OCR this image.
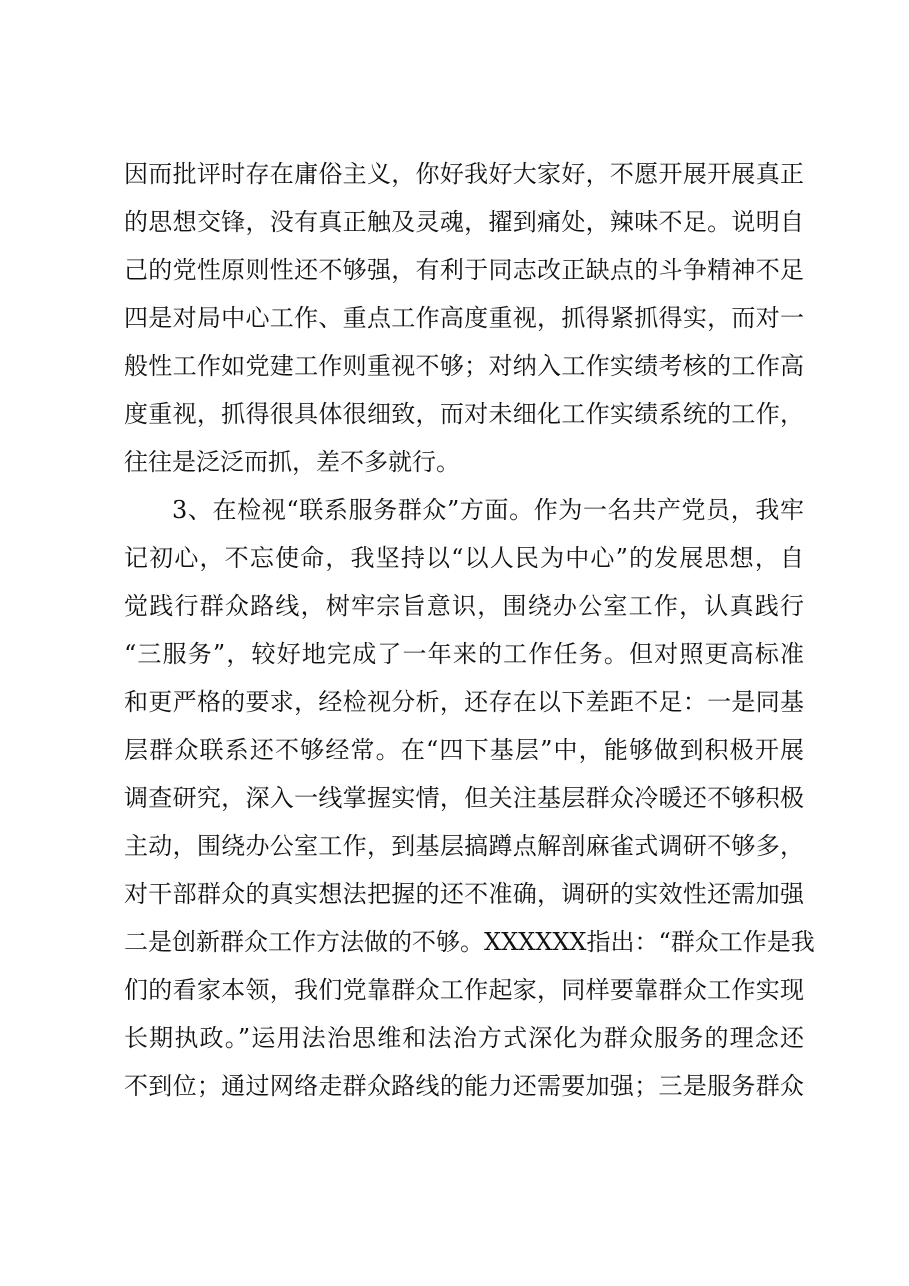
因而批评时存在庸俗主义，你好我好大家好，不愿开展开展真正
的思想交锋，没有真正触及灵魂，擢到痛处，辣味不足。说明自
己的党性原则性还不够强，有利于同志改正缺点的斗争精神不足
四是对局中心工作、重点工作高度重视，抓得紧抓得实，而对一
般性工作如党建工作则重视不够；对纳入工作实绩考核的工作高
度重视，抓得很具体很细致，而对未细化工作实绩系统的工作，
往往是泛泛而抓，差不多就行。
3、在检视“联系服务群众”方面。作为一名共产党员，我牢
记初心，不忘使命，我坚持以“以人民为中心”的发展思想，自
觉践行群众路线，树牢宗旨意识，围绕办公室工作，认真践行
“三服务”，较好地完成了一年来的工作任务。但对照更高标准
和更严格的要求，经检视分析，还存在以下差距不足：一是同基
层群众联系还不够经常。在“四下基层”中，能够做到积极开展
调查研究，深入一线掌握实情，但关注基层群众冷暖还不够积极
主动，围绕办公室工作，到基层搞蹲点解剖麻雀式调研不够多，
对干部群众的真实想法把握的还不准确，调研的实效性还需加强
二是创新群众工作方法做的不够。XXXXXX指出：“群众工作是我
们的看家本领，我们党靠群众工作起家，同样要靠群众工作实现
长期执政。”运用法治思维和法治方式深化为群众服务的理念还
不到位；通过网络走群众路线的能力还需要加强；三是服务群众
